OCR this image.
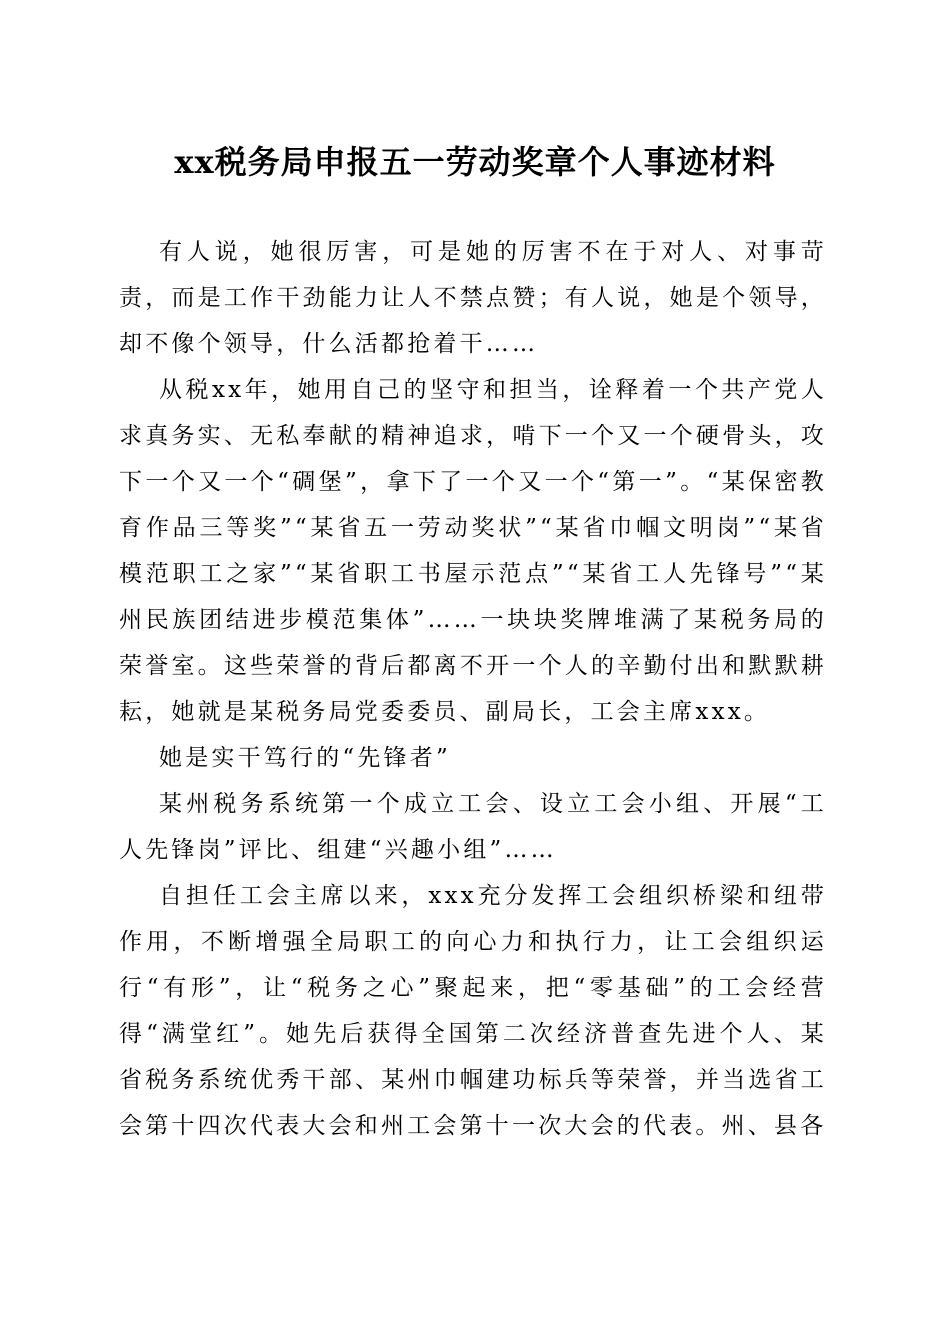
xx税务局申报五一劳动奖章个人事迹材料

有人说，她很厉害，可是她的厉害不在于对人、对事苛责，而是工作干劲能力让人不禁点赞；有人说，她是个领导，却不像个领导，什么活都抢着干……

从税xx年，她用自己的坚守和担当，诠释着一个共产党人求真务实、无私奉献的精神追求，啃下一个又一个硬骨头，攻下一个又一个“碉堡”，拿下了一个又一个“第一”。“某保密教育作品三等奖”“某省五一劳动奖状”“某省巾帼文明岗”“某省模范职工之家”“某省职工书屋示范点”“某省工人先锋号”“某州民族团结进步模范集体”……一块块奖牌堆满了某税务局的荣誉室。这些荣誉的背后都离不开一个人的辛勤付出和默默耕耘，她就是某税务局党委委员、副局长，工会主席xxx。

她是实干笃行的“先锋者”

某州税务系统第一个成立工会、设立工会小组、开展“工人先锋岗”评比、组建“兴趣小组”……

自担任工会主席以来，xxx充分发挥工会组织桥梁和纽带作用，不断增强全局职工的向心力和执行力，让工会组织运行“有形”，让“税务之心”聚起来，把“零基础”的工会经营得“满堂红”。她先后获得全国第二次经济普查先进个人、某省税务系统优秀干部、某州巾帼建功标兵等荣誉，并当选省工会第十四次代表大会和州工会第十一次大会的代表。州、县各
